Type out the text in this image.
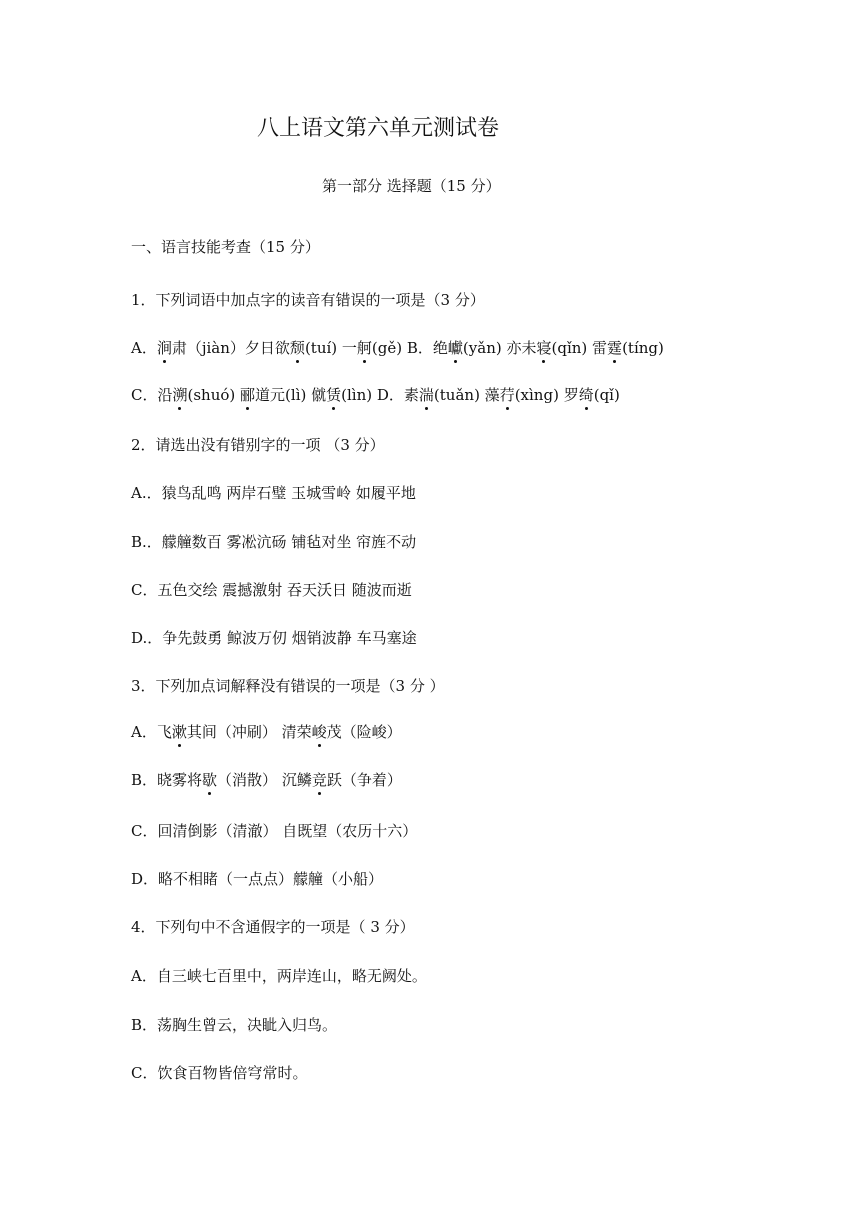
八上语文第六单元测试卷
第一部分 选择题（15 分）
一、语言技能考查（15 分）
1．下列词语中加点字的读音有错误的一项是（3 分）
A．涧肃（jiàn）夕日欲颓(tuí) 一舸(gě) B．绝巘(yǎn) 亦未寝(qǐn) 雷霆(tíng)
C．沿溯(shuó) 郦道元(lì) 僦赁(lìn) D．素湍(tuǎn) 藻荇(xìng) 罗绮(qǐ)
2．请选出没有错别字的一项 （3 分）
A.．猿鸟乱鸣 两岸石璧 玉城雪岭 如履平地
B.．艨艟数百 雾凇沆砀 铺毡对坐 帘旌不动
C．五色交绘 震撼激射 吞天沃日 随波而逝
D.．争先鼓勇 鲸波万仞 烟销波静 车马塞途
3．下列加点词解释没有错误的一项是（3 分 ）
A．飞漱其间（冲刷） 清荣峻茂（险峻）
B．晓雾将歇（消散） 沉鳞竞跃（争着）
C．回清倒影（清澈） 自既望（农历十六）
D．略不相睹（一点点）艨艟（小船）
4．下列句中不含通假字的一项是（ 3 分）
A．自三峡七百里中，两岸连山，略无阙处。
B．荡胸生曾云，决眦入归鸟。
C．饮食百物皆倍穹常时。
